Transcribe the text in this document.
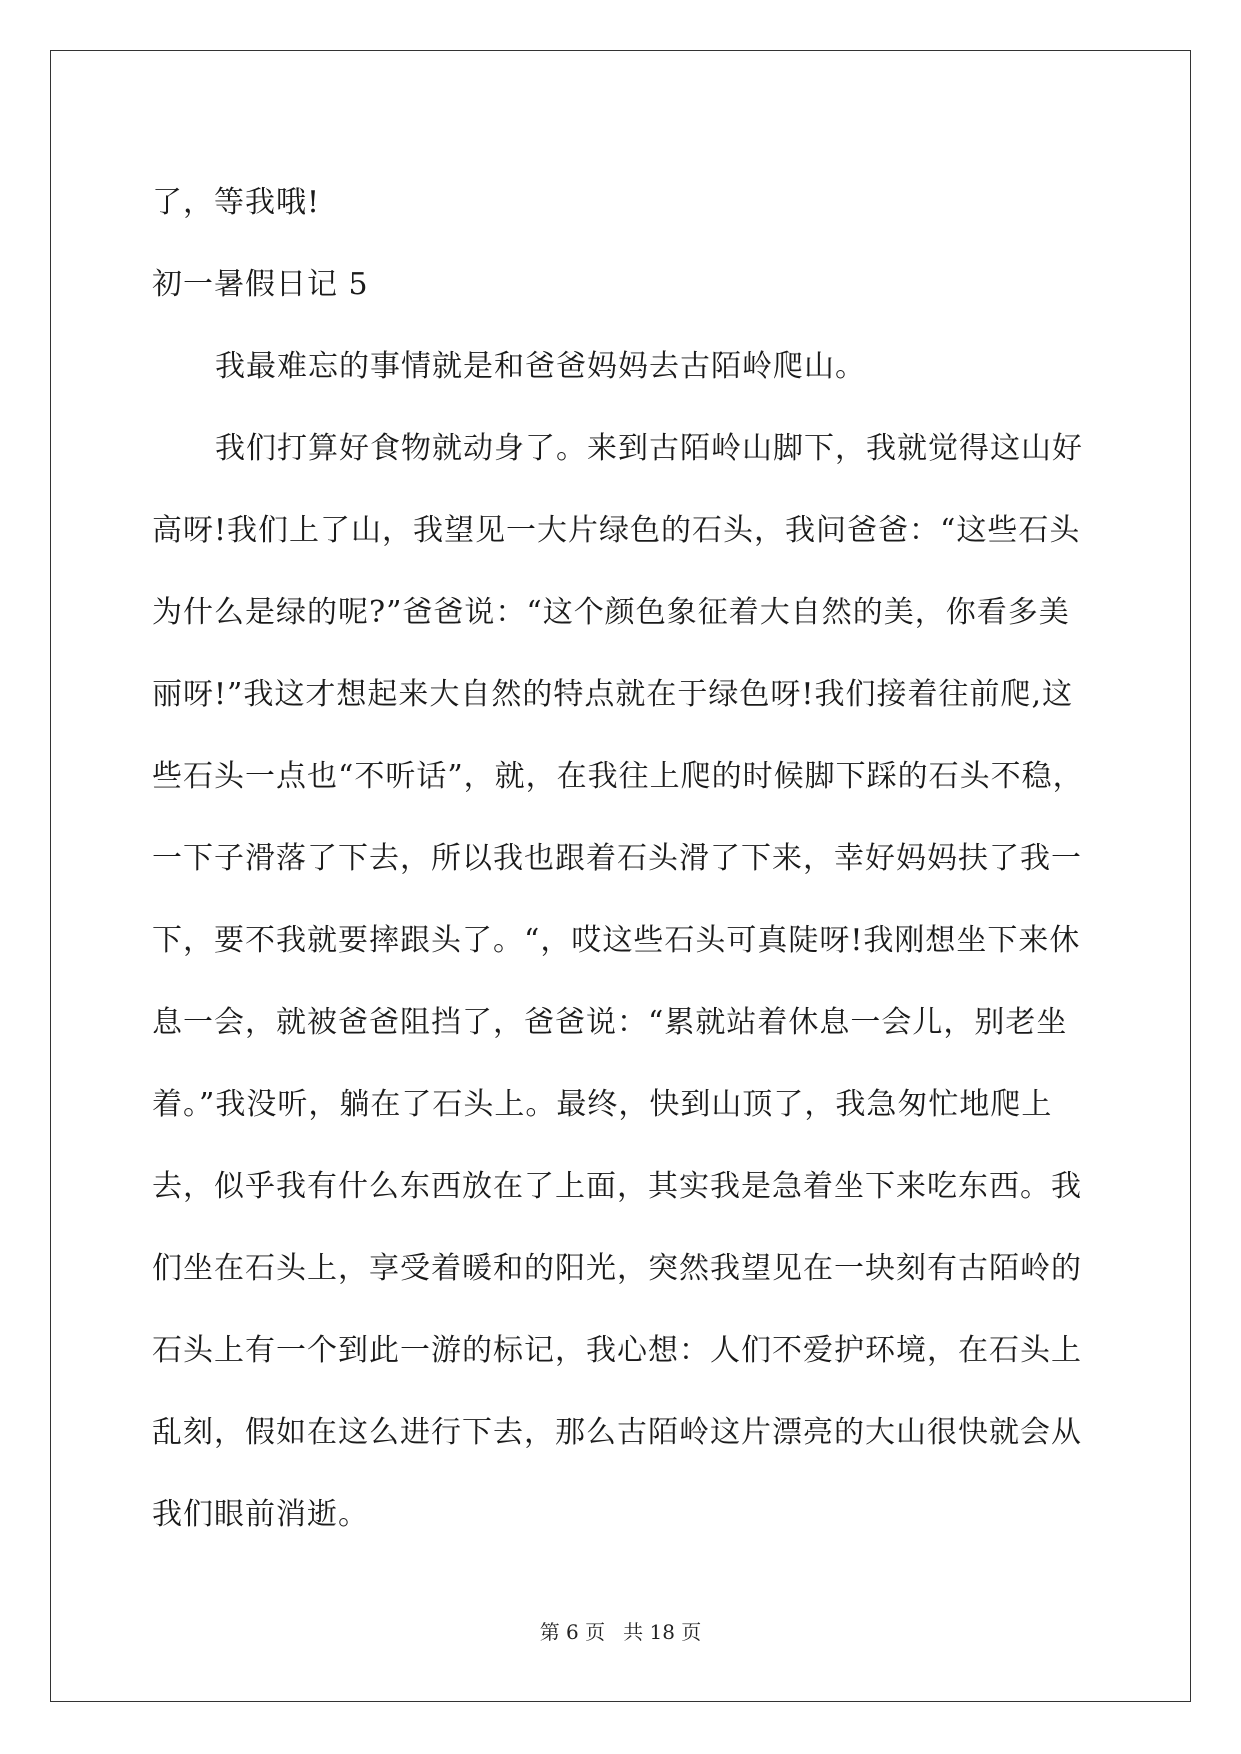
了，等我哦!
初一暑假日记 5
我最难忘的事情就是和爸爸妈妈去古陌岭爬山。
我们打算好食物就动身了。来到古陌岭山脚下，我就觉得这山好
高呀!我们上了山，我望见一大片绿色的石头，我问爸爸：“这些石头
为什么是绿的呢?”爸爸说：“这个颜色象征着大自然的美，你看多美
丽呀!”我这才想起来大自然的特点就在于绿色呀!我们接着往前爬,这
些石头一点也“不听话”，就，在我往上爬的时候脚下踩的石头不稳，
一下子滑落了下去，所以我也跟着石头滑了下来，幸好妈妈扶了我一
下，要不我就要摔跟头了。“，哎这些石头可真陡呀!我刚想坐下来休
息一会，就被爸爸阻挡了，爸爸说：“累就站着休息一会儿，别老坐
着。”我没听，躺在了石头上。最终，快到山顶了，我急匆忙地爬上
去，似乎我有什么东西放在了上面，其实我是急着坐下来吃东西。我
们坐在石头上，享受着暖和的阳光，突然我望见在一块刻有古陌岭的
石头上有一个到此一游的标记，我心想：人们不爱护环境，在石头上
乱刻，假如在这么进行下去，那么古陌岭这片漂亮的大山很快就会从
我们眼前消逝。
第 6 页 共 18 页
